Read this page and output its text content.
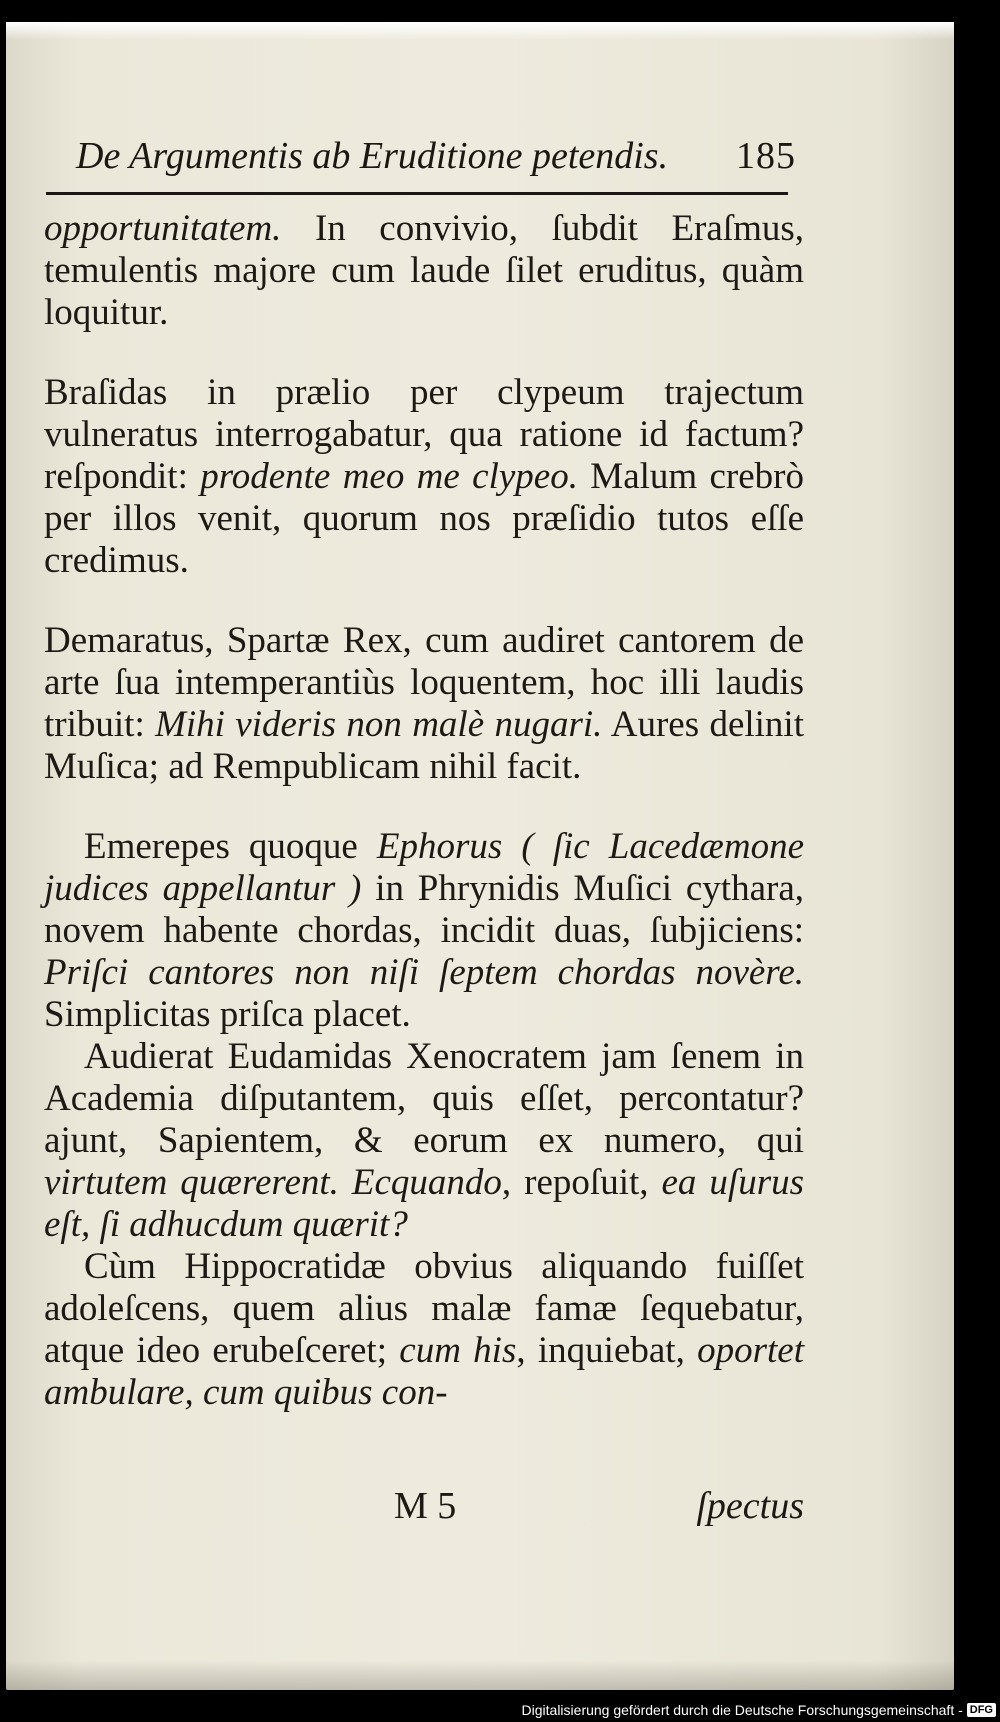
De Argumentis ab Eruditione petendis. 185

opportunitatem. In convivio, ſubdit Eraſmus, temulentis majore cum laude ſilet eruditus, quàm loquitur.

Braſidas in prælio per clypeum trajectum vulneratus interrogabatur, qua ratione id factum? reſpondit: prodente meo me clypeo. Malum crebrò per illos venit, quorum nos præſidio tutos eſſe credimus.

Demaratus, Spartæ Rex, cum audiret cantorem de arte ſua intemperantiùs loquentem, hoc illi laudis tribuit: Mihi videris non malè nugari. Aures delinit Muſica; ad Rempublicam nihil facit.

Emerepes quoque Ephorus ( ſic Lacedæmone judices appellantur ) in Phrynidis Muſici cythara, novem habente chordas, incidit duas, ſubjiciens: Priſci cantores non niſi ſeptem chordas novère. Simplicitas priſca placet.

Audierat Eudamidas Xenocratem jam ſenem in Academia diſputantem, quis eſſet, percontatur? ajunt, Sapientem, & eorum ex numero, qui virtutem quærerent. Ecquando, repoſuit, ea uſurus eſt, ſi adhucdum quærit?

Cùm Hippocratidæ obvius aliquando fuiſſet adoleſcens, quem alius malæ famæ ſequebatur, atque ideo erubeſceret; cum his, inquiebat, oportet ambulare, cum quibus con-

M 5	ſpectus
Digitalisierung gefördert durch die Deutsche Forschungsgemeinschaft - DFG
